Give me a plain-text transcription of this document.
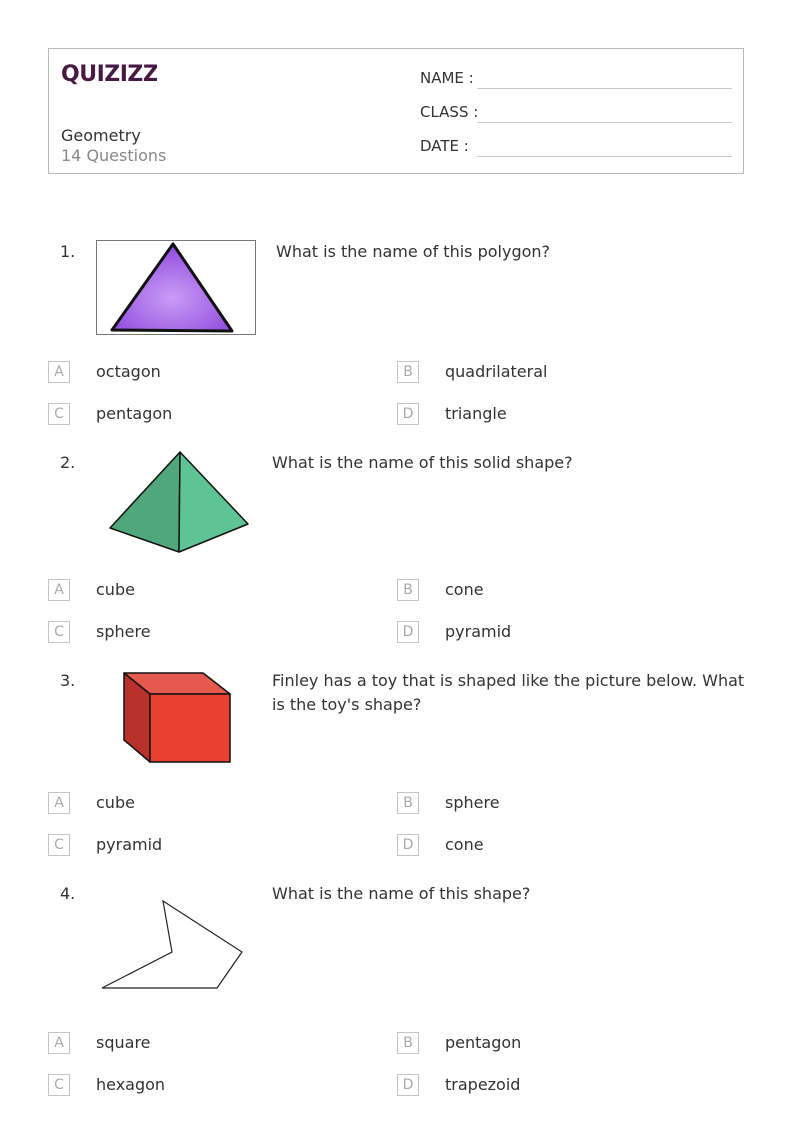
QUIZIZZ
Geometry
14 Questions
NAME :
CLASS :
DATE :
1.	What is the name of this polygon?
A	octagon	B	quadrilateral
C	pentagon	D	triangle
2.	What is the name of this solid shape?
A	cube	B	cone
C	sphere	D	pyramid
3.	Finley has a toy that is shaped like the picture below. What is the toy's shape?
A	cube	B	sphere
C	pyramid	D	cone
4.	What is the name of this shape?
A	square	B	pentagon
C	hexagon	D	trapezoid
